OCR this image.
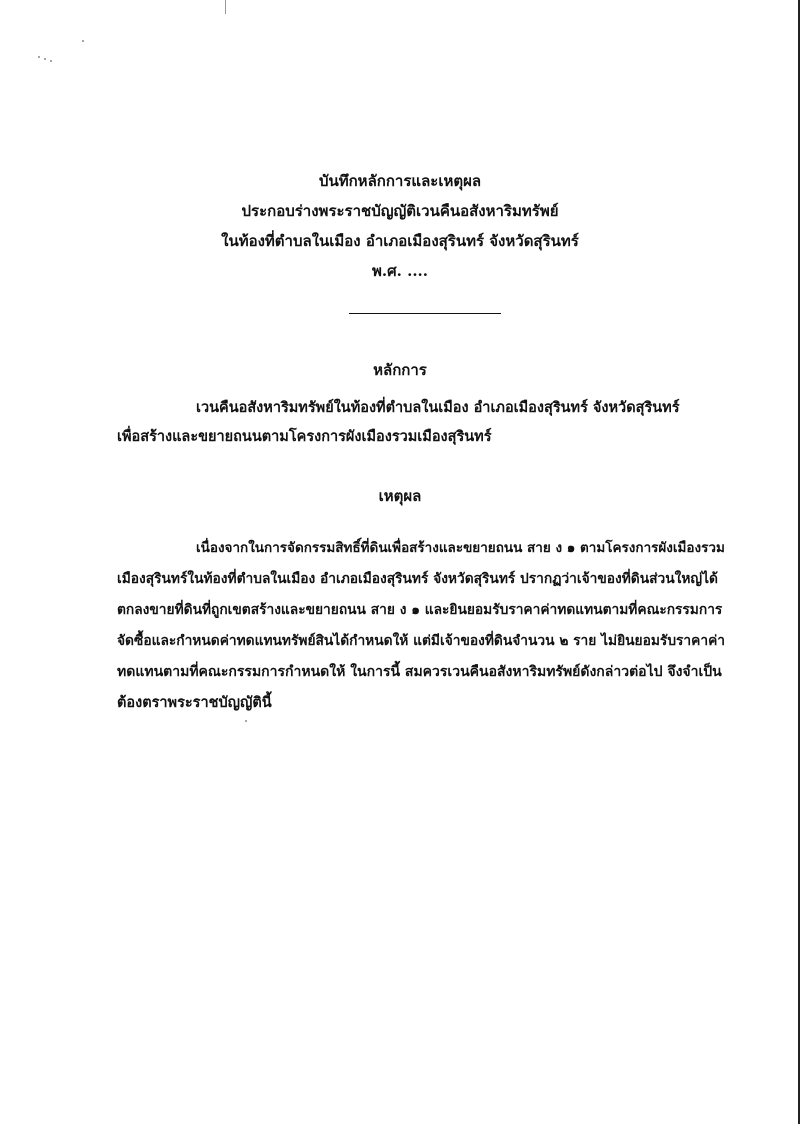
บันทึกหลักการและเหตุผล
ประกอบร่างพระราชบัญญัติเวนคืนอสังหาริมทรัพย์
ในท้องที่ตำบลในเมือง อำเภอเมืองสุรินทร์ จังหวัดสุรินทร์
พ.ศ. ....
หลักการ
เวนคืนอสังหาริมทรัพย์ในท้องที่ตำบลในเมือง อำเภอเมืองสุรินทร์ จังหวัดสุรินทร์
เพื่อสร้างและขยายถนนตามโครงการผังเมืองรวมเมืองสุรินทร์
เหตุผล
เนื่องจากในการจัดกรรมสิทธิ์ที่ดินเพื่อสร้างและขยายถนน สาย ง ๑ ตามโครงการผังเมืองรวม
เมืองสุรินทร์ในท้องที่ตำบลในเมือง อำเภอเมืองสุรินทร์ จังหวัดสุรินทร์ ปรากฏว่าเจ้าของที่ดินส่วนใหญ่ได้
ตกลงขายที่ดินที่ถูกเขตสร้างและขยายถนน สาย ง ๑ และยินยอมรับราคาค่าทดแทนตามที่คณะกรรมการ
จัดซื้อและกำหนดค่าทดแทนทรัพย์สินได้กำหนดให้ แต่มีเจ้าของที่ดินจำนวน ๒ ราย ไม่ยินยอมรับราคาค่า
ทดแทนตามที่คณะกรรมการกำหนดให้ ในการนี้ สมควรเวนคืนอสังหาริมทรัพย์ดังกล่าวต่อไป จึงจำเป็น
ต้องตราพระราชบัญญัตินี้
